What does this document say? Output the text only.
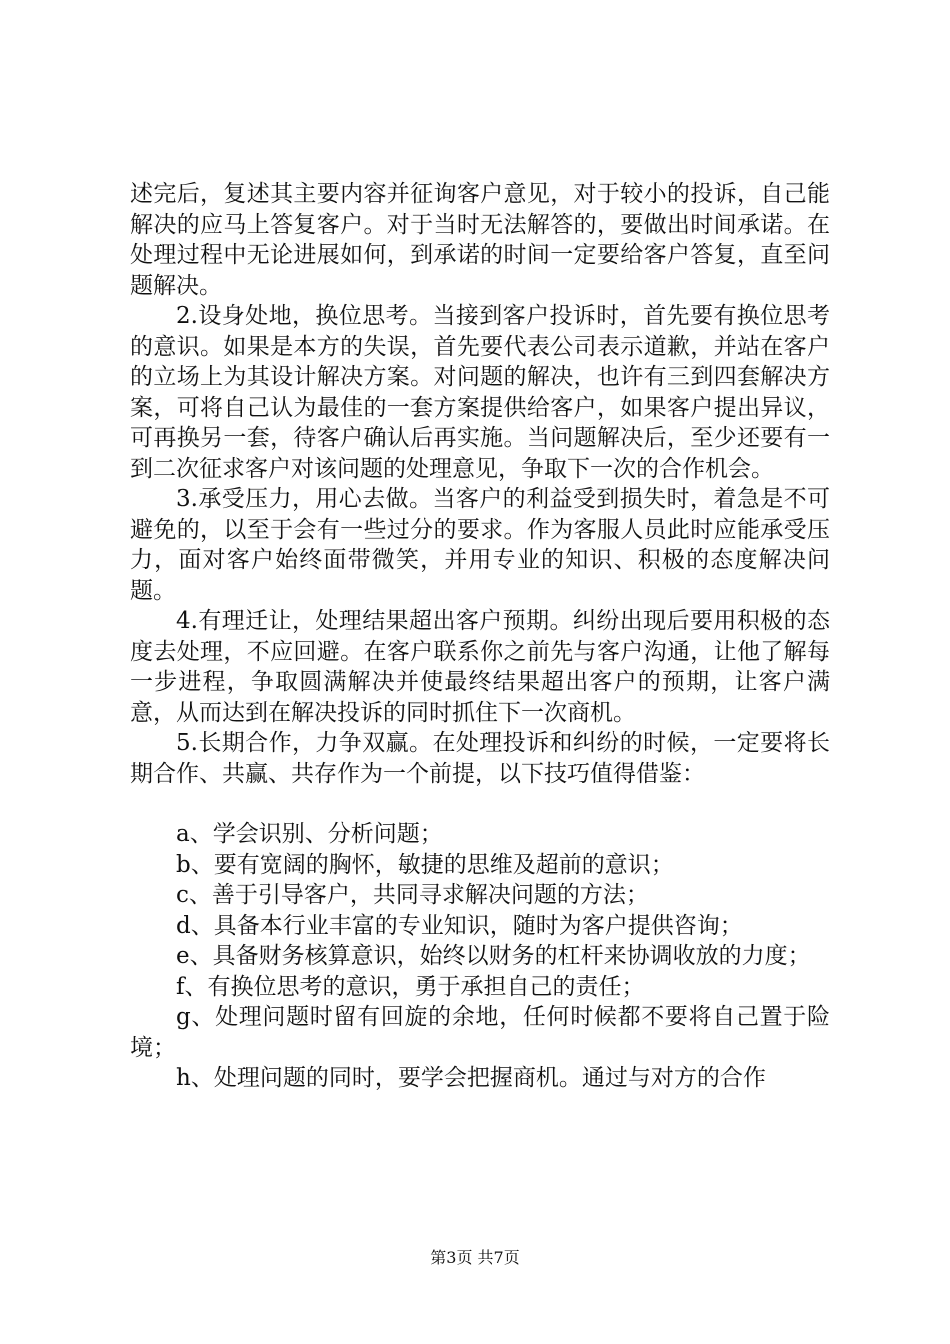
述完后，复述其主要内容并征询客户意见，对于较小的投诉，自己能解决的应马上答复客户。对于当时无法解答的，要做出时间承诺。在处理过程中无论进展如何，到承诺的时间一定要给客户答复，直至问题解决。

2.设身处地，换位思考。当接到客户投诉时，首先要有换位思考的意识。如果是本方的失误，首先要代表公司表示道歉，并站在客户的立场上为其设计解决方案。对问题的解决，也许有三到四套解决方案，可将自己认为最佳的一套方案提供给客户，如果客户提出异议，可再换另一套，待客户确认后再实施。当问题解决后，至少还要有一到二次征求客户对该问题的处理意见，争取下一次的合作机会。

3.承受压力，用心去做。当客户的利益受到损失时，着急是不可避免的，以至于会有一些过分的要求。作为客服人员此时应能承受压力，面对客户始终面带微笑，并用专业的知识、积极的态度解决问题。

4.有理迁让，处理结果超出客户预期。纠纷出现后要用积极的态度去处理，不应回避。在客户联系你之前先与客户沟通，让他了解每一步进程，争取圆满解决并使最终结果超出客户的预期，让客户满意，从而达到在解决投诉的同时抓住下一次商机。

5.长期合作，力争双赢。在处理投诉和纠纷的时候，一定要将长期合作、共赢、共存作为一个前提，以下技巧值得借鉴：

a、学会识别、分析问题；

b、要有宽阔的胸怀，敏捷的思维及超前的意识；

c、善于引导客户，共同寻求解决问题的方法；

d、具备本行业丰富的专业知识，随时为客户提供咨询；

e、具备财务核算意识，始终以财务的杠杆来协调收放的力度；

f、有换位思考的意识，勇于承担自己的责任；

g、处理问题时留有回旋的余地，任何时候都不要将自己置于险境；

h、处理问题的同时，要学会把握商机。通过与对方的合作

第3页 共7页
